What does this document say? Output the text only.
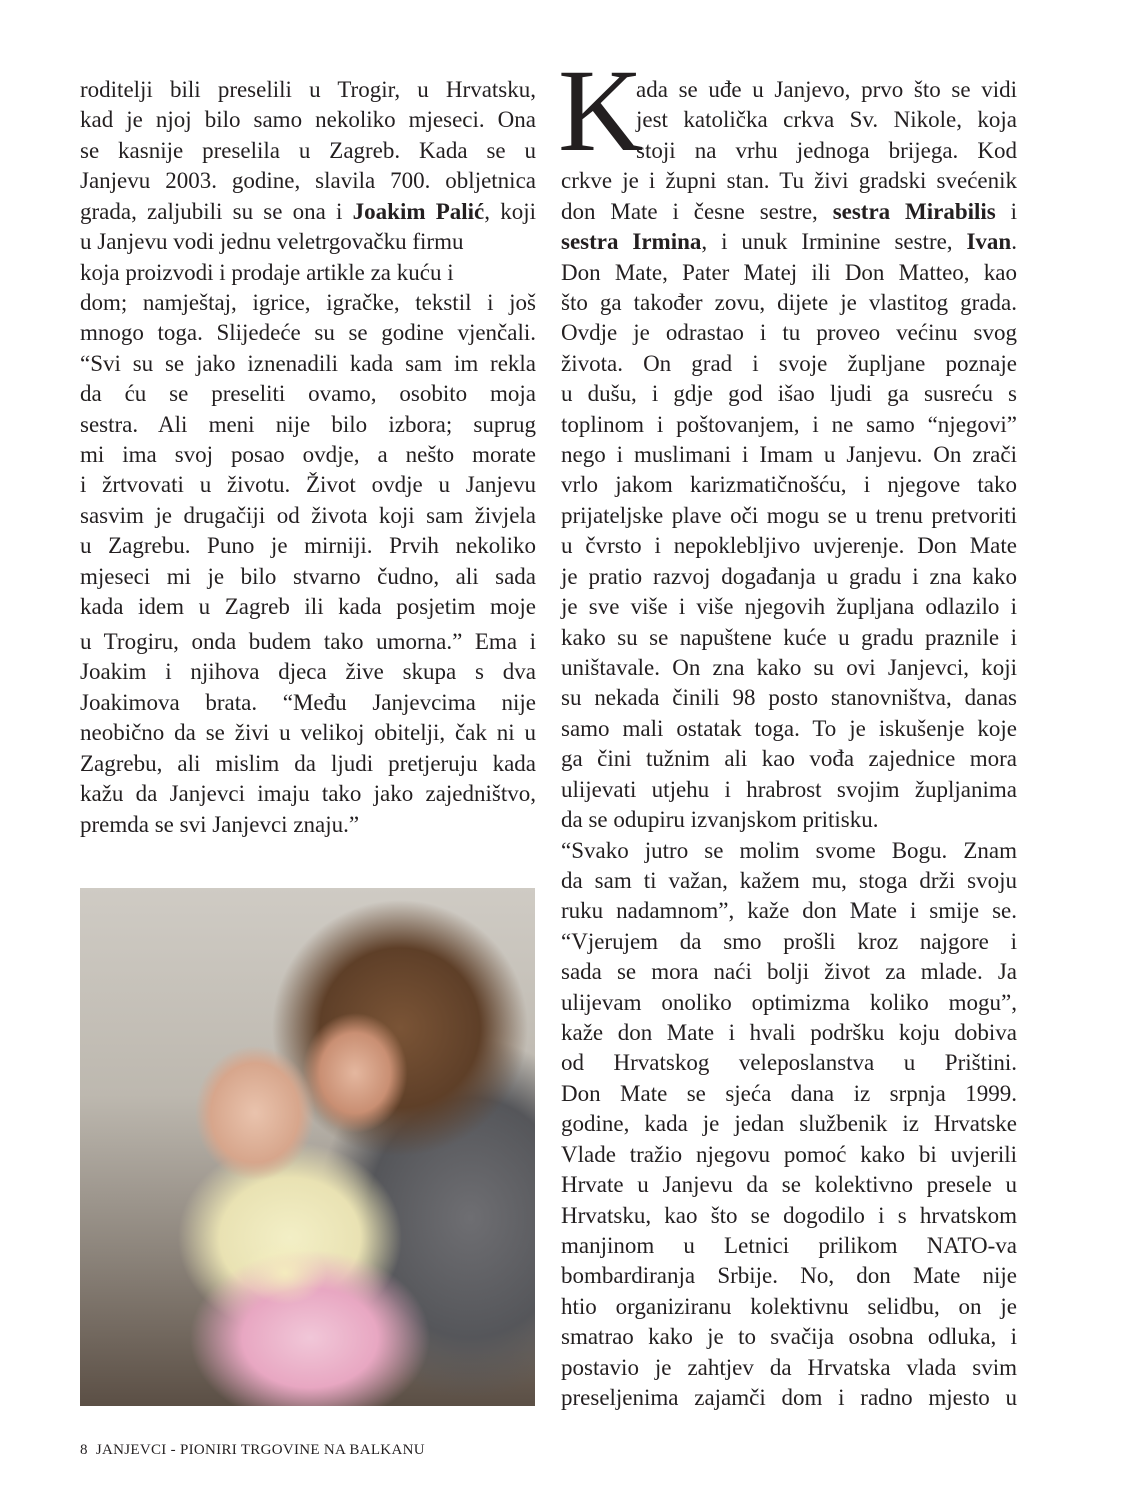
roditelji bili preselili u Trogir, u Hrvatsku,
kad je njoj bilo samo nekoliko mjeseci. Ona
se kasnije preselila u Zagreb. Kada se u
Janjevu 2003. godine, slavila 700. obljetnica
grada, zaljubili su se ona i Joakim Palić, koji
u Janjevu vodi jednu veletrgovačku firmu
koja proizvodi i prodaje artikle za kuću i
dom; namještaj, igrice, igračke, tekstil i još
mnogo toga. Slijedeće su se godine vjenčali.
“Svi su se jako iznenadili kada sam im rekla
da ću se preseliti ovamo, osobito moja
sestra. Ali meni nije bilo izbora; suprug
mi ima svoj posao ovdje, a nešto morate
i žrtvovati u životu. Život ovdje u Janjevu
sasvim je drugačiji od života koji sam živjela
u Zagrebu. Puno je mirniji. Prvih nekoliko
mjeseci mi je bilo stvarno čudno, ali sada
kada idem u Zagreb ili kada posjetim moje
u Trogiru, onda budem tako umorna.” Ema i
Joakim i njihova djeca žive skupa s dva
Joakimova brata. “Među Janjevcima nije
neobično da se živi u velikoj obitelji, čak ni u
Zagrebu, ali mislim da ljudi pretjeruju kada
kažu da Janjevci imaju tako jako zajedništvo,
premda se svi Janjevci znaju.”
K
ada se uđe u Janjevo, prvo što se vidi
jest katolička crkva Sv. Nikole, koja
stoji na vrhu jednoga brijega. Kod
crkve je i župni stan. Tu živi gradski svećenik
don Mate i česne sestre, sestra Mirabilis i
sestra Irmina, i unuk Irminine sestre, Ivan.
Don Mate, Pater Matej ili Don Matteo, kao
što ga također zovu, dijete je vlastitog grada.
Ovdje je odrastao i tu proveo većinu svog
života. On grad i svoje župljane poznaje
u dušu, i gdje god išao ljudi ga susreću s
toplinom i poštovanjem, i ne samo “njegovi”
nego i muslimani i Imam u Janjevu. On zrači
vrlo jakom karizmatičnošću, i njegove tako
prijateljske plave oči mogu se u trenu pretvoriti
u čvrsto i nepoklebljivo uvjerenje. Don Mate
je pratio razvoj događanja u gradu i zna kako
je sve više i više njegovih župljana odlazilo i
kako su se napuštene kuće u gradu praznile i
uništavale. On zna kako su ovi Janjevci, koji
su nekada činili 98 posto stanovništva, danas
samo mali ostatak toga. To je iskušenje koje
ga čini tužnim ali kao vođa zajednice mora
ulijevati utjehu i hrabrost svojim župljanima
da se odupiru izvanjskom pritisku.
“Svako jutro se molim svome Bogu. Znam
da sam ti važan, kažem mu, stoga drži svoju
ruku nadamnom”, kaže don Mate i smije se.
“Vjerujem da smo prošli kroz najgore i
sada se mora naći bolji život za mlade. Ja
ulijevam onoliko optimizma koliko mogu”,
kaže don Mate i hvali podršku koju dobiva
od Hrvatskog veleposlanstva u Prištini.
Don Mate se sjeća dana iz srpnja 1999.
godine, kada je jedan službenik iz Hrvatske
Vlade tražio njegovu pomoć kako bi uvjerili
Hrvate u Janjevu da se kolektivno presele u
Hrvatsku, kao što se dogodilo i s hrvatskom
manjinom u Letnici prilikom NATO-va
bombardiranja Srbije. No, don Mate nije
htio organiziranu kolektivnu selidbu, on je
smatrao kako je to svačija osobna odluka, i
postavio je zahtjev da Hrvatska vlada svim
preseljenima zajamči dom i radno mjesto u
8 JANJEVCI - PIONIRI TRGOVINE NA BALKANU
